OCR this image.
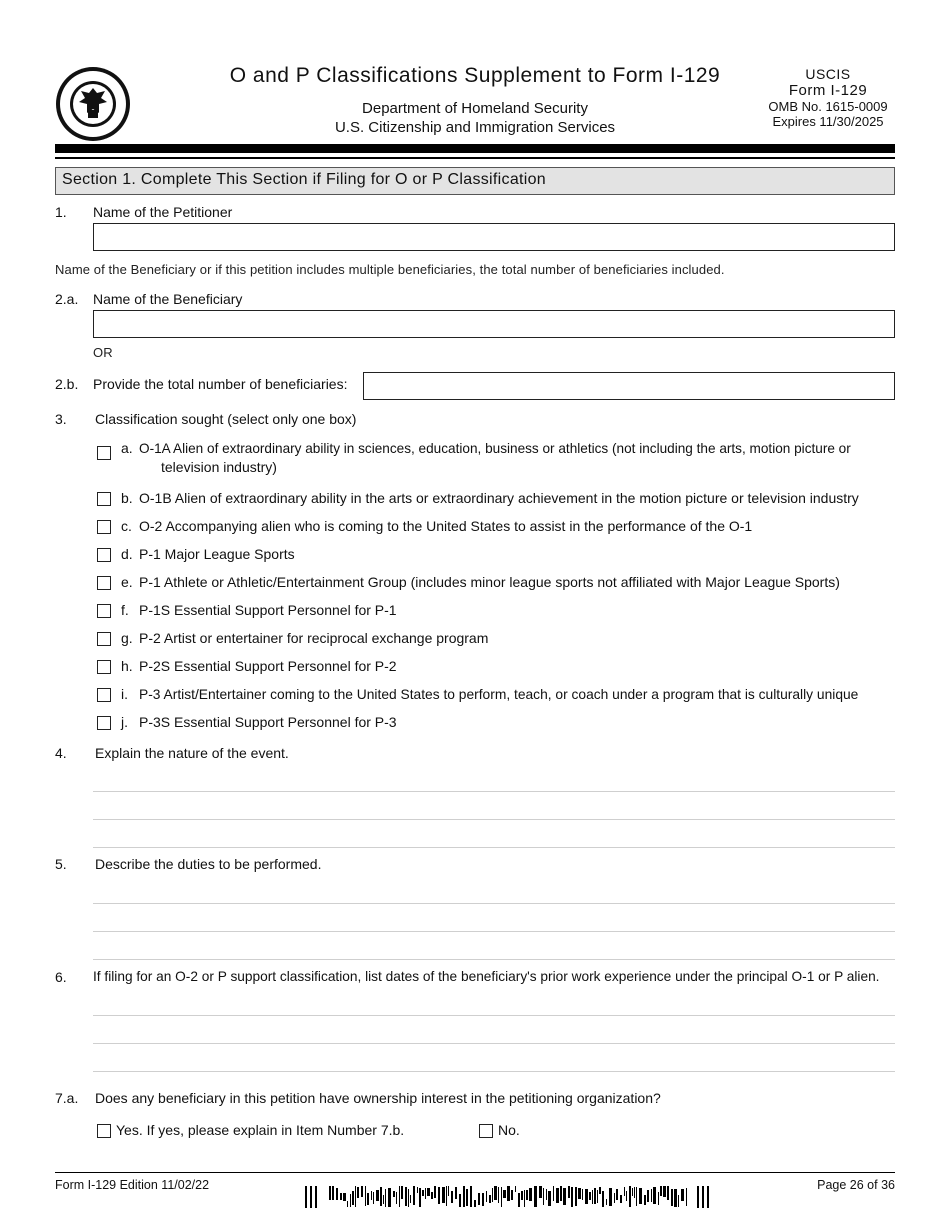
O and P Classifications Supplement to Form I-129
Department of Homeland Security
U.S. Citizenship and Immigration Services
USCIS
Form I-129
OMB No. 1615-0009
Expires 11/30/2025
Section 1. Complete This Section if Filing for O or P Classification
1. Name of the Petitioner
Name of the Beneficiary or if this petition includes multiple beneficiaries, the total number of beneficiaries included.
2.a. Name of the Beneficiary
OR
2.b. Provide the total number of beneficiaries:
3. Classification sought (select only one box)
a. O-1A Alien of extraordinary ability in sciences, education, business or athletics (not including the arts, motion picture or
television industry)
b. O-1B Alien of extraordinary ability in the arts or extraordinary achievement in the motion picture or television industry
c. O-2 Accompanying alien who is coming to the United States to assist in the performance of the O-1
d. P-1 Major League Sports
e. P-1 Athlete or Athletic/Entertainment Group (includes minor league sports not affiliated with Major League Sports)
f. P-1S Essential Support Personnel for P-1
g. P-2 Artist or entertainer for reciprocal exchange program
h. P-2S Essential Support Personnel for P-2
i. P-3 Artist/Entertainer coming to the United States to perform, teach, or coach under a program that is culturally unique
j. P-3S Essential Support Personnel for P-3
4. Explain the nature of the event.
5. Describe the duties to be performed.
6. If filing for an O-2 or P support classification, list dates of the beneficiary's prior work experience under the principal O-1 or P alien.
7.a. Does any beneficiary in this petition have ownership interest in the petitioning organization?
Yes. If yes, please explain in Item Number 7.b.	No.
Form I-129 Edition 11/02/22	Page 26 of 36
